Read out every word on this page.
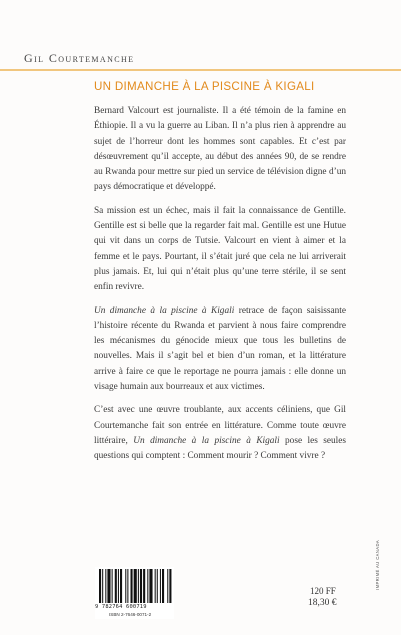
Gil Courtemanche
UN DIMANCHE À LA PISCINE À KIGALI

Bernard Valcourt est journaliste. Il a été témoin de la famine en Éthiopie. Il a vu la guerre au Liban. Il n’a plus rien à apprendre au sujet de l’horreur dont les hommes sont capables. Et c’est par désœuvrement qu’il accepte, au début des années 90, de se rendre au Rwanda pour mettre sur pied un service de télévision digne d’un pays démocratique et développé.

Sa mission est un échec, mais il fait la connaissance de Gentille. Gentille est si belle que la regarder fait mal. Gentille est une Hutue qui vit dans un corps de Tutsie. Valcourt en vient à aimer et la femme et le pays. Pourtant, il s’était juré que cela ne lui arriverait plus jamais. Et, lui qui n’était plus qu’une terre stérile, il se sent enfin revivre.

Un dimanche à la piscine à Kigali retrace de façon saisissante l’histoire récente du Rwanda et parvient à nous faire comprendre les mécanismes du génocide mieux que tous les bulletins de nouvelles. Mais il s’agit bel et bien d’un roman, et la littérature arrive à faire ce que le reportage ne pourra jamais : elle donne un visage humain aux bourreaux et aux victimes.

C’est avec une œuvre troublante, aux accents céliniens, que Gil Courtemanche fait son entrée en littérature. Comme toute œuvre littéraire, Un dimanche à la piscine à Kigali pose les seules questions qui comptent : Comment mourir ? Comment vivre ?

9 782764 600719
ISBN 2-7646-0071-2
120 FF
18,30 €
IMPRIMÉ AU CANADA
